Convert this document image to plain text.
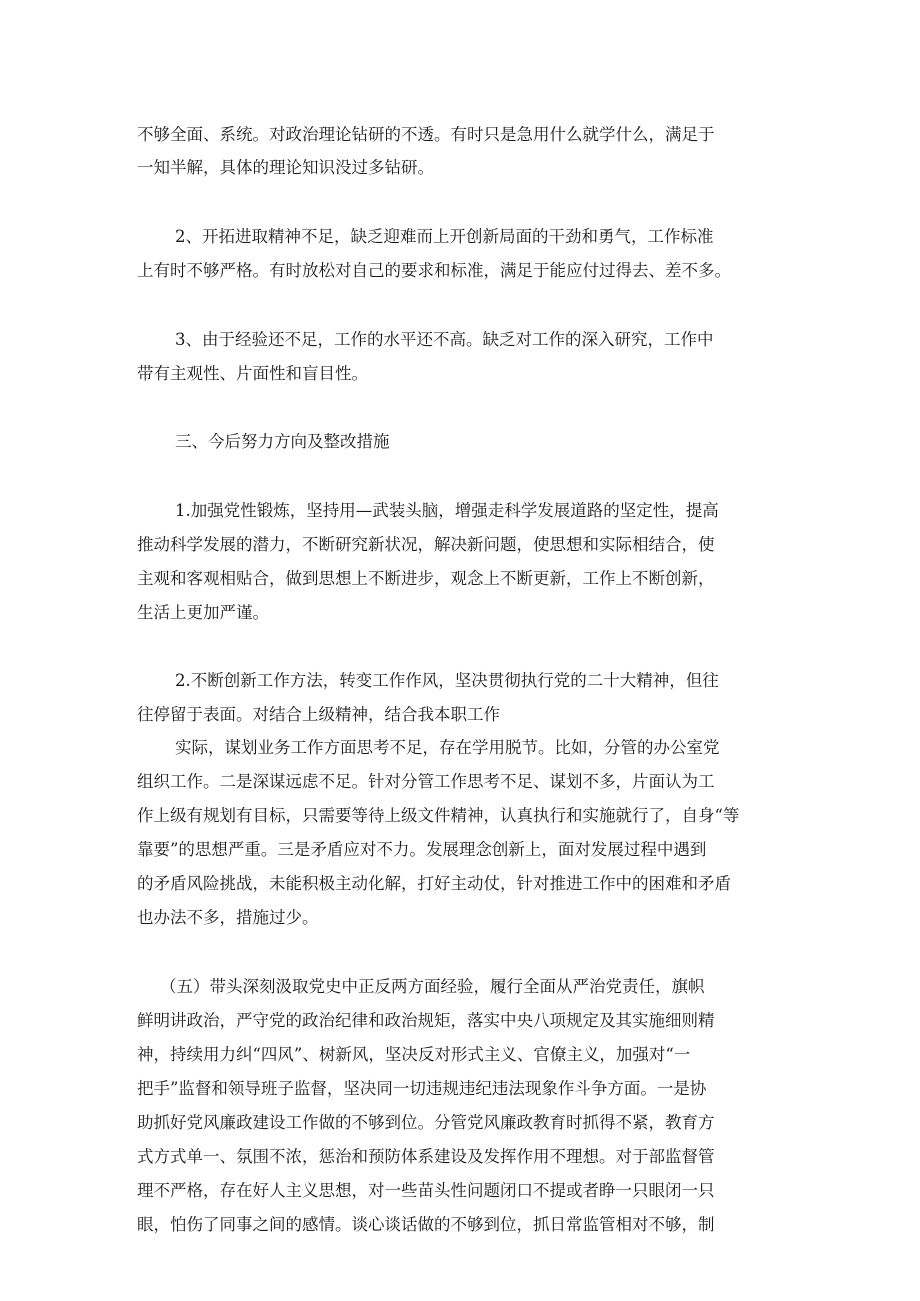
不够全面、系统。对政治理论钻研的不透。有时只是急用什么就学什么，满足于
一知半解，具体的理论知识没过多钻研。
2、开拓进取精神不足，缺乏迎难而上开创新局面的干劲和勇气，工作标准
上有时不够严格。有时放松对自己的要求和标准，满足于能应付过得去、差不多。
3、由于经验还不足，工作的水平还不高。缺乏对工作的深入研究，工作中
带有主观性、片面性和盲目性。
三、今后努力方向及整改措施
1.加强党性锻炼，坚持用—武装头脑，增强走科学发展道路的坚定性，提高
推动科学发展的潜力，不断研究新状况，解决新问题，使思想和实际相结合，使
主观和客观相贴合，做到思想上不断进步，观念上不断更新，工作上不断创新，
生活上更加严谨。
2.不断创新工作方法，转变工作作风，坚决贯彻执行党的二十大精神，但往
往停留于表面。对结合上级精神，结合我本职工作
实际，谋划业务工作方面思考不足，存在学用脱节。比如，分管的办公室党
组织工作。二是深谋远虑不足。针对分管工作思考不足、谋划不多，片面认为工
作上级有规划有目标，只需要等待上级文件精神，认真执行和实施就行了，自身“等
靠要”的思想严重。三是矛盾应对不力。发展理念创新上，面对发展过程中遇到
的矛盾风险挑战，未能积极主动化解，打好主动仗，针对推进工作中的困难和矛盾
也办法不多，措施过少。
（五）带头深刻汲取党史中正反两方面经验，履行全面从严治党责任，旗帜
鲜明讲政治，严守党的政治纪律和政治规矩，落实中央八项规定及其实施细则精
神，持续用力纠“四风”、树新风，坚决反对形式主义、官僚主义，加强对“一
把手”监督和领导班子监督，坚决同一切违规违纪违法现象作斗争方面。一是协
助抓好党风廉政建设工作做的不够到位。分管党风廉政教育时抓得不紧，教育方
式方式单一、氛围不浓，惩治和预防体系建设及发挥作用不理想。对于部监督管
理不严格，存在好人主义思想，对一些苗头性问题闭口不提或者睁一只眼闭一只
眼，怕伤了同事之间的感情。谈心谈话做的不够到位，抓日常监管相对不够，制
